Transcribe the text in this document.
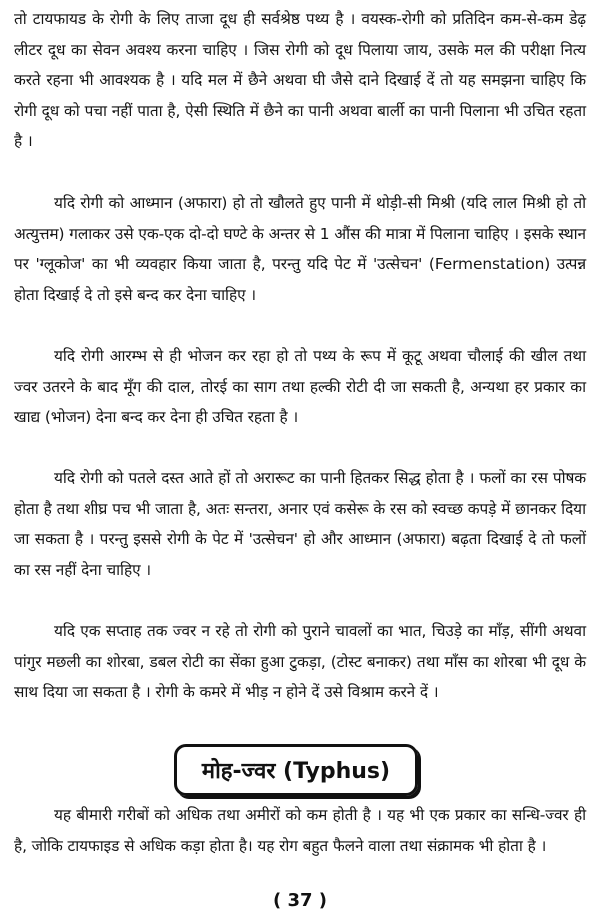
तो टायफायड के रोगी के लिए ताजा दूध ही सर्वश्रेष्ठ पथ्य है । वयस्क-रोगी को प्रतिदिन कम-से-कम डेढ़ लीटर दूध का सेवन अवश्य करना चाहिए । जिस रोगी को दूध पिलाया जाय, उसके मल की परीक्षा नित्य करते रहना भी आवश्यक है । यदि मल में छैने अथवा घी जैसे दाने दिखाई दें तो यह समझना चाहिए कि रोगी दूध को पचा नहीं पाता है, ऐसी स्थिति में छैने का पानी अथवा बार्ली का पानी पिलाना भी उचित रहता है ।

यदि रोगी को आध्मान (अफारा) हो तो खौलते हुए पानी में थोड़ी-सी मिश्री (यदि लाल मिश्री हो तो अत्युत्तम) गलाकर उसे एक-एक दो-दो घण्टे के अन्तर से 1 औंस की मात्रा में पिलाना चाहिए । इसके स्थान पर 'ग्लूकोज' का भी व्यवहार किया जाता है, परन्तु यदि पेट में 'उत्सेचन' (Fermenstation) उत्पन्न होता दिखाई दे तो इसे बन्द कर देना चाहिए ।

यदि रोगी आरम्भ से ही भोजन कर रहा हो तो पथ्य के रूप में कूटू अथवा चौलाई की खील तथा ज्वर उतरने के बाद मूँग की दाल, तोरई का साग तथा हल्की रोटी दी जा सकती है, अन्यथा हर प्रकार का खाद्य (भोजन) देना बन्द कर देना ही उचित रहता है ।

यदि रोगी को पतले दस्त आते हों तो अरारूट का पानी हितकर सिद्ध होता है । फलों का रस पोषक होता है तथा शीघ्र पच भी जाता है, अतः सन्तरा, अनार एवं कसेरू के रस को स्वच्छ कपड़े में छानकर दिया जा सकता है । परन्तु इससे रोगी के पेट में 'उत्सेचन' हो और आध्मान (अफारा) बढ़ता दिखाई दे तो फलों का रस नहीं देना चाहिए ।

यदि एक सप्ताह तक ज्वर न रहे तो रोगी को पुराने चावलों का भात, चिउड़े का माँड़, सींगी अथवा पांगुर मछली का शोरबा, डबल रोटी का सेंका हुआ टुकड़ा, (टोस्ट बनाकर) तथा माँस का शोरबा भी दूध के साथ दिया जा सकता है । रोगी के कमरे में भीड़ न होने दें उसे विश्राम करने दें ।

मोह-ज्वर (Typhus)

यह बीमारी गरीबों को अधिक तथा अमीरों को कम होती है । यह भी एक प्रकार का सन्धि-ज्वर ही है, जोकि टायफाइड से अधिक कड़ा होता है। यह रोग बहुत फैलने वाला तथा संक्रामक भी होता है ।

( 37 )
